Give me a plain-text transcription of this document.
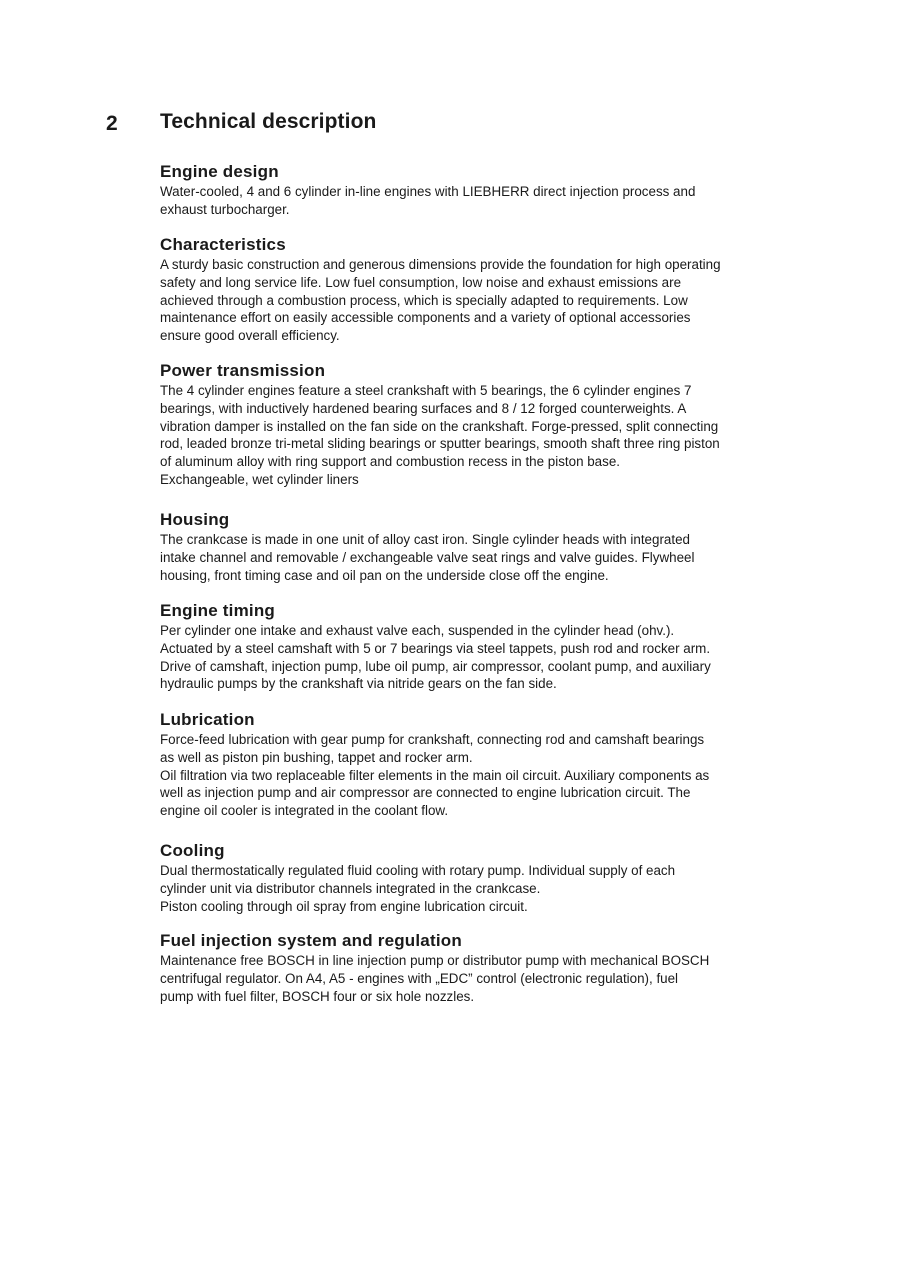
2 Technical description
Engine design
Water-cooled, 4 and 6 cylinder in-line engines with LIEBHERR direct injection process and
exhaust turbocharger.
Characteristics
A sturdy basic construction and generous dimensions provide the foundation for high operating
safety and long service life. Low fuel consumption, low noise and exhaust emissions are
achieved through a combustion process, which is specially adapted to requirements. Low
maintenance effort on easily accessible components and a variety of optional accessories
ensure good overall efficiency.
Power transmission
The 4 cylinder engines feature a steel crankshaft with 5 bearings, the 6 cylinder engines 7
bearings, with inductively hardened bearing surfaces and 8 / 12 forged counterweights. A
vibration damper is installed on the fan side on the crankshaft. Forge-pressed, split connecting
rod, leaded bronze tri-metal sliding bearings or sputter bearings, smooth shaft three ring piston
of aluminum alloy with ring support and combustion recess in the piston base.
Exchangeable, wet cylinder liners
Housing
The crankcase is made in one unit of alloy cast iron. Single cylinder heads with integrated
intake channel and removable / exchangeable valve seat rings and valve guides. Flywheel
housing, front timing case and oil pan on the underside close off the engine.
Engine timing
Per cylinder one intake and exhaust valve each, suspended in the cylinder head (ohv.).
Actuated by a steel camshaft with 5 or 7 bearings via steel tappets, push rod and rocker arm.
Drive of camshaft, injection pump, lube oil pump, air compressor, coolant pump, and auxiliary
hydraulic pumps by the crankshaft via nitride gears on the fan side.
Lubrication
Force-feed lubrication with gear pump for crankshaft, connecting rod and camshaft bearings
as well as piston pin bushing, tappet and rocker arm.
Oil filtration via two replaceable filter elements in the main oil circuit. Auxiliary components as
well as injection pump and air compressor are connected to engine lubrication circuit. The
engine oil cooler is integrated in the coolant flow.
Cooling
Dual thermostatically regulated fluid cooling with rotary pump. Individual supply of each
cylinder unit via distributor channels integrated in the crankcase.
Piston cooling through oil spray from engine lubrication circuit.
Fuel injection system and regulation
Maintenance free BOSCH in line injection pump or distributor pump with mechanical BOSCH
centrifugal regulator. On A4, A5 - engines with „EDC” control (electronic regulation), fuel
pump with fuel filter, BOSCH four or six hole nozzles.
